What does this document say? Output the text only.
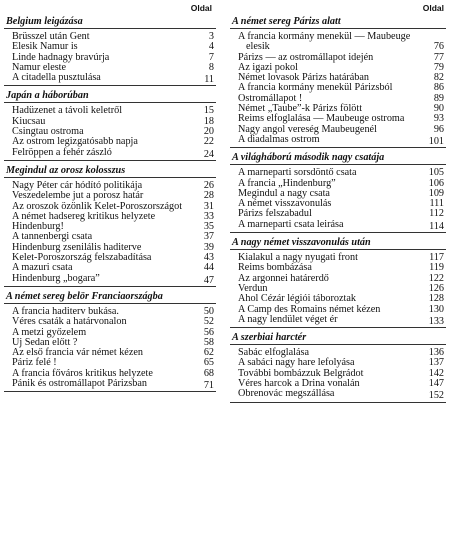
Oldal
Belgium leigázása
Brüsszel után Gent	3
Elesik Namur is	4
Linde hadnagy bravúrja	7
Namur eleste	8
A citadella pusztulása	11
Japán a háborúban
Hadüzenet a távoli keletről	15
Kiucsau	18
Csingtau ostroma	20
Az ostrom legizgatósabb napja	22
Felröppen a fehér zászló	24
Megindul az orosz kolosszus
Nagy Péter cár hódító politikája	26
Veszedelembe jut a porosz határ	28
Az oroszok özönlik Kelet-Poroszországot	31
A német hadsereg kritikus helyzete	33
Hindenburg!	35
A tannenbergi csata	37
Hindenburg zsenilális haditerve	39
Kelet-Poroszország felszabadítása	43
A mazuri csata	44
Hindenburg „bogara”	47
A német sereg belör Franciaországba
A francia haditerv bukása.	50
Véres csaták a határvonalon	52
A metzi győzelem	56
Uj Sedan előtt ?	58
Az első francia vár német kézen	62
Páriz felé !	65
A francia főváros kritikus helyzete	68
Pánik és ostromállapot Párizsban	71
Oldal
A német sereg Párizs alatt
A francia kormány menekül — Maubeuge elesik	76
Párizs — az ostromállapot idején	77
Az igazi pokol	79
Német lovasok Párizs határában	82
A francia kormány menekül Párizsból	86
Ostromállapot !	89
Német „Taube”-k Párizs fölött	90
Reims elfoglalása — Maubeuge ostroma	93
Nagy angol vereség Maubeugenél	96
A diadalmas ostrom	101
A világháború második nagy csatája
A marneparti sorsdöntő csata	105
A francia „Hindenburg”	106
Megindul a nagy csata	109
A német visszavonulás	111
Párizs felszabadul	112
A marneparti csata leirása	114
A nagy német visszavonulás után
Kialakul a nagy nyugati front	117
Reims bombázása	119
Az argonnei határerdő	122
Verdun	126
Ahol Cézár légiói táboroztak	128
A Camp des Romains német kézen	130
A nagy lendület véget ér	133
A szerbiai harctér
Sabác elfoglalása	136
A sabáci nagy hare lefolyása	137
További bombázzuk Belgrádot	142
Véres harcok a Drina vonalán	147
Obrenovác megszállása	152
